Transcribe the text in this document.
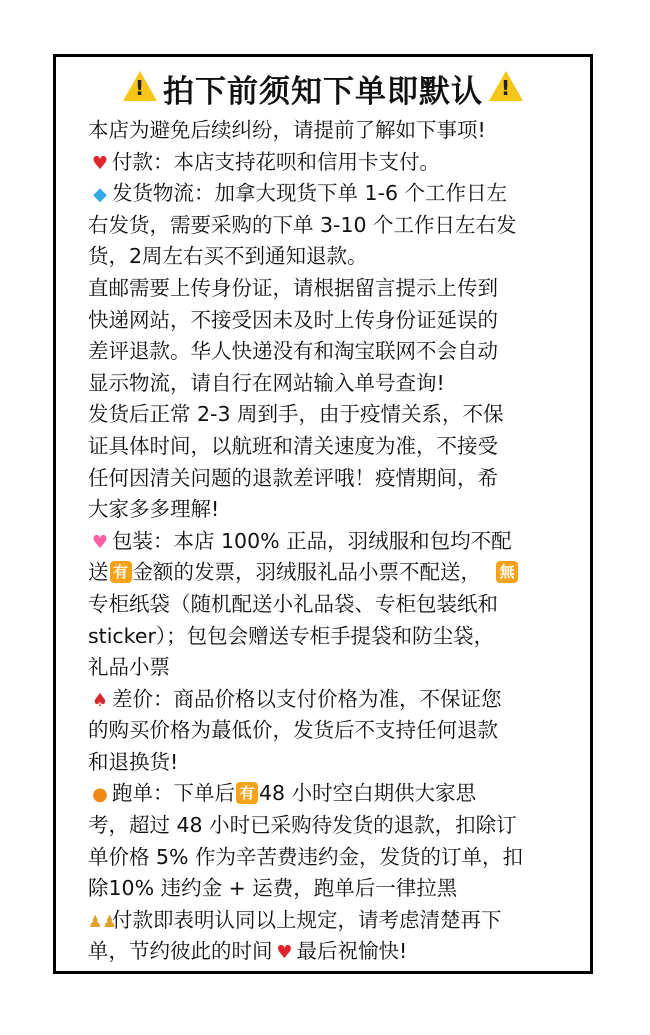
!
拍下前须知下单即默认
!
本店为避免后续纠纷，请提前了解如下事项!
♥ 付款：本店支持花呗和信用卡支付。
◆ 发货物流：加拿大现货下单 1-6 个工作日左
右发货，需要采购的下单 3-10 个工作日左右发
货，2周左右买不到通知退款。
直邮需要上传身份证，请根据留言提示上传到
快递网站，不接受因未及时上传身份证延误的
差评退款。华人快递没有和淘宝联网不会自动
显示物流，请自行在网站输入单号查询!
发货后正常 2-3 周到手，由于疫情关系，不保
证具体时间，以航班和清关速度为准，不接受
任何因清关问题的退款差评哦！疫情期间，希
大家多多理解!
♥ 包装：本店 100% 正品，羽绒服和包均不配
送 有 金额的发票，羽绒服礼品小票不配送， 無
专柜纸袋（随机配送小礼品袋、专柜包装纸和
sticker）；包包会赠送专柜手提袋和防尘袋，
礼品小票
♠ 差价：商品价格以支付价格为准，不保证您
的购买价格为蕞低价，发货后不支持任何退款
和退换货!
● 跑单：下单后 有 48 小时空白期供大家思
考，超过 48 小时已采购待发货的退款，扣除订
单价格 5% 作为辛苦费违约金，发货的订单，扣
除10% 违约金 + 运费，跑单后一律拉黑
♟♟付款即表明认同以上规定，请考虑清楚再下
单，节约彼此的时间 ♥ 最后祝愉快!
